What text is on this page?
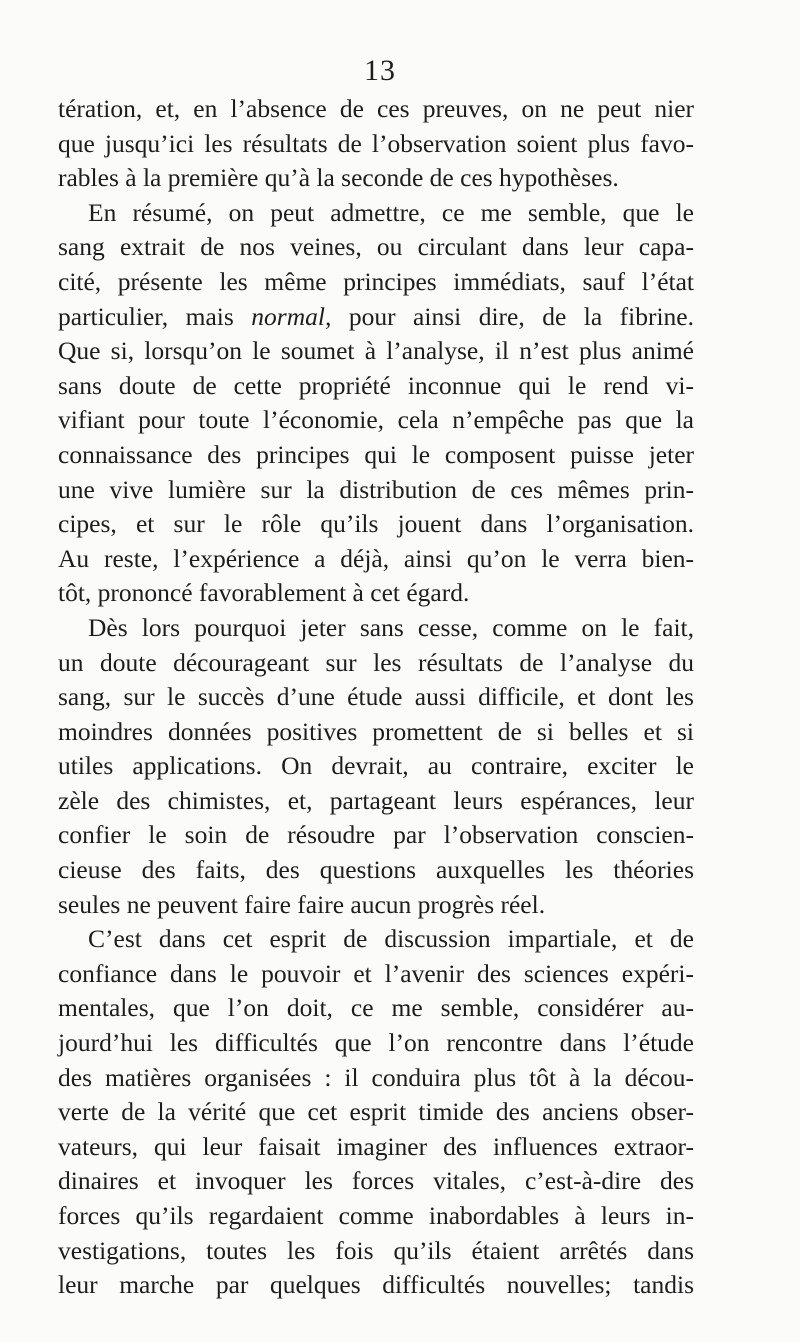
13
tération, et, en l’absence de ces preuves, on ne peut nier
que jusqu’ici les résultats de l’observation soient plus favo-
rables à la première qu’à la seconde de ces hypothèses.
En résumé, on peut admettre, ce me semble, que le
sang extrait de nos veines, ou circulant dans leur capa-
cité, présente les même principes immédiats, sauf l’état
particulier, mais normal, pour ainsi dire, de la fibrine.
Que si, lorsqu’on le soumet à l’analyse, il n’est plus animé
sans doute de cette propriété inconnue qui le rend vi-
vifiant pour toute l’économie, cela n’empêche pas que la
connaissance des principes qui le composent puisse jeter
une vive lumière sur la distribution de ces mêmes prin-
cipes, et sur le rôle qu’ils jouent dans l’organisation.
Au reste, l’expérience a déjà, ainsi qu’on le verra bien-
tôt, prononcé favorablement à cet égard.
Dès lors pourquoi jeter sans cesse, comme on le fait,
un doute décourageant sur les résultats de l’analyse du
sang, sur le succès d’une étude aussi difficile, et dont les
moindres données positives promettent de si belles et si
utiles applications. On devrait, au contraire, exciter le
zèle des chimistes, et, partageant leurs espérances, leur
confier le soin de résoudre par l’observation conscien-
cieuse des faits, des questions auxquelles les théories
seules ne peuvent faire faire aucun progrès réel.
C’est dans cet esprit de discussion impartiale, et de
confiance dans le pouvoir et l’avenir des sciences expéri-
mentales, que l’on doit, ce me semble, considérer au-
jourd’hui les difficultés que l’on rencontre dans l’étude
des matières organisées : il conduira plus tôt à la décou-
verte de la vérité que cet esprit timide des anciens obser-
vateurs, qui leur faisait imaginer des influences extraor-
dinaires et invoquer les forces vitales, c’est-à-dire des
forces qu’ils regardaient comme inabordables à leurs in-
vestigations, toutes les fois qu’ils étaient arrêtés dans
leur marche par quelques difficultés nouvelles; tandis
